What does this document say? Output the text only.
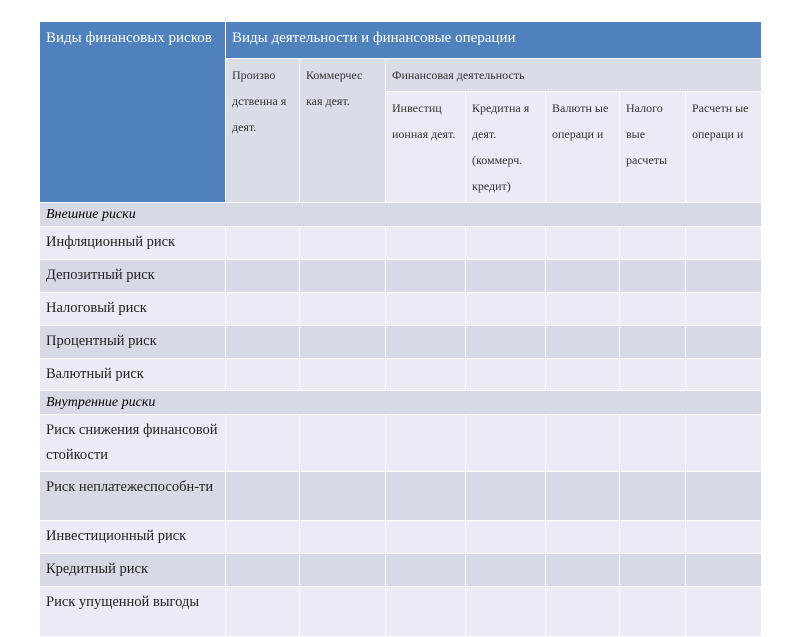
Виды финансовых рисков	Виды деятельности и финансовые операции						
	Произво дственна я деят.	Коммерчес кая деят.	Финансовая деятельность				
			Инвестиц ионная деят.	Кредитна я деят. (коммерч. кредит)	Валютн ые операци и	Налого вые расчеты	Расчетн ые операци и
Внешние риски							
Инфляционный риск							
Депозитный риск							
Налоговый риск							
Процентный риск							
Валютный риск							
Внутренние риски							
Риск снижения финансовой стойкости							
Риск неплатежеспособн-ти							
Инвестиционный риск							
Кредитный риск							
Риск упущенной выгоды							
